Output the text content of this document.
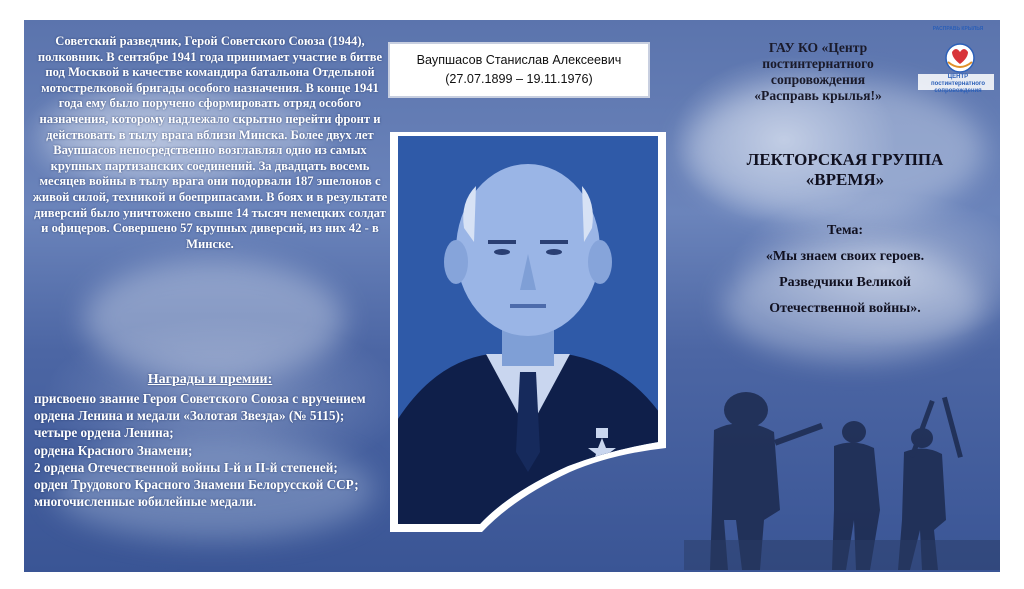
Советский разведчик, Герой Советского Союза (1944), полковник. В сентябре 1941 года принимает участие в битве под Москвой в качестве командира батальона Отдельной мотострелковой бригады особого назначения. В конце 1941 года ему было поручено сформировать отряд особого назначения, которому надлежало скрытно перейти фронт и действовать в тылу врага вблизи Минска. Более двух лет Ваупшасов непосредственно возглавлял одно из самых крупных партизанских соединений. За двадцать восемь месяцев войны в тылу врага они подорвали 187 эшелонов с живой силой, техникой и боеприпасами. В боях и в результате диверсий было уничтожено свыше 14 тысяч немецких солдат и офицеров. Совершено 57 крупных диверсий, из них 42 - в Минске.
Награды и премии:
присвоено звание Героя Советского Союза с вручением ордена Ленина и медали «Золотая Звезда» (№ 5115);
четыре ордена Ленина;
ордена Красного Знамени;
2 ордена Отечественной войны I-й и II-й степеней;
орден Трудового Красного Знамени Белорусской ССР;
многочисленные юбилейные медали.
Ваупшасов Станислав Алексеевич
(27.07.1899 – 19.11.1976)
ГАУ КО «Центр
постинтернатного
сопровождения
«Расправь крылья!»
РАСПРАВЬ КРЫЛЬЯ
ЦЕНТР постинтернатного сопровождения
ЛЕКТОРСКАЯ ГРУППА
«ВРЕМЯ»
Тема:
«Мы знаем своих героев.
Разведчики Великой
Отечественной войны».
